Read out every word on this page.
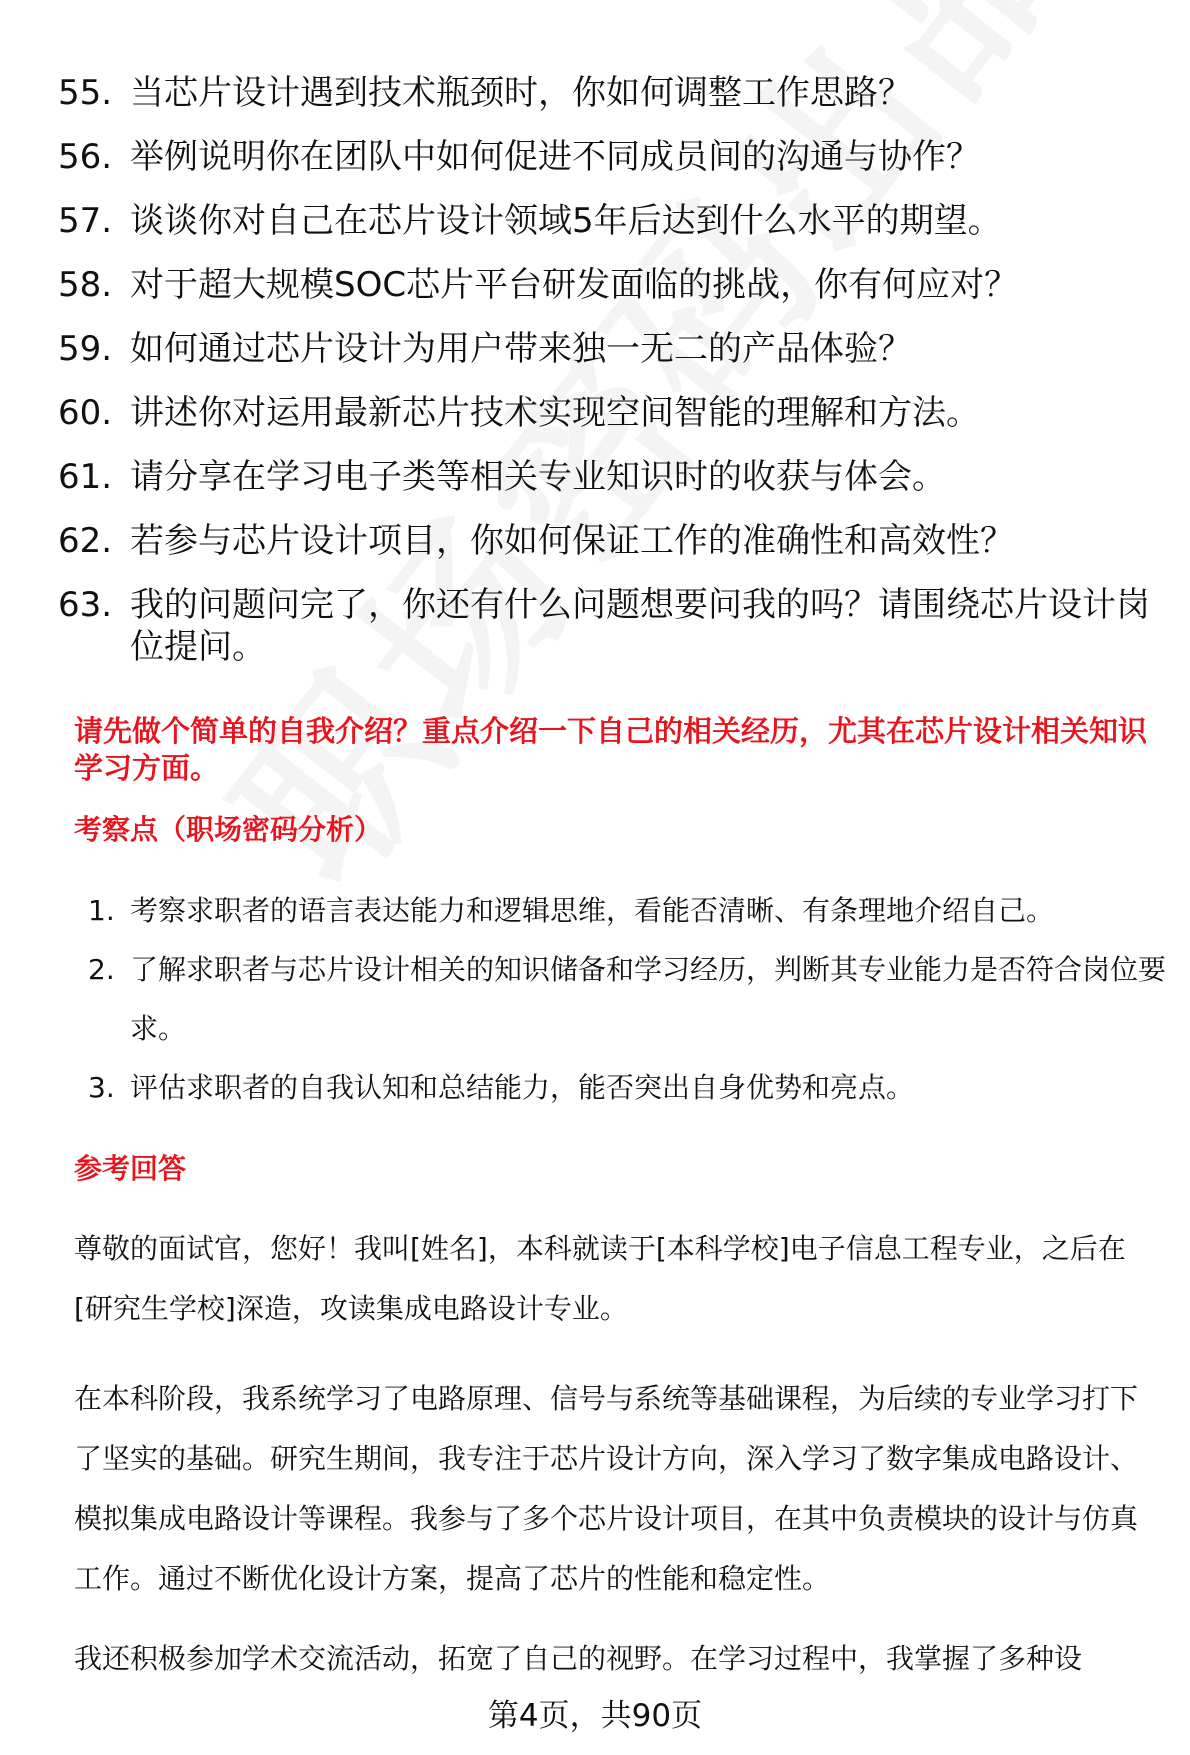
55. 当芯片设计遇到技术瓶颈时，你如何调整工作思路？
56. 举例说明你在团队中如何促进不同成员间的沟通与协作？
57. 谈谈你对自己在芯片设计领域5年后达到什么水平的期望。
58. 对于超大规模SOC芯片平台研发面临的挑战，你有何应对？
59. 如何通过芯片设计为用户带来独一无二的产品体验？
60. 讲述你对运用最新芯片技术实现空间智能的理解和方法。
61. 请分享在学习电子类等相关专业知识时的收获与体会。
62. 若参与芯片设计项目，你如何保证工作的准确性和高效性？
63. 我的问题问完了，你还有什么问题想要问我的吗？请围绕芯片设计岗位提问。
请先做个简单的自我介绍？重点介绍一下自己的相关经历，尤其在芯片设计相关知识学习方面。
考察点（职场密码分析）
1. 考察求职者的语言表达能力和逻辑思维，看能否清晰、有条理地介绍自己。
2. 了解求职者与芯片设计相关的知识储备和学习经历，判断其专业能力是否符合岗位要求。
3. 评估求职者的自我认知和总结能力，能否突出自身优势和亮点。
参考回答

尊敬的面试官，您好！我叫[姓名]，本科就读于[本科学校]电子信息工程专业，之后在[研究生学校]深造，攻读集成电路设计专业。

在本科阶段，我系统学习了电路原理、信号与系统等基础课程，为后续的专业学习打下了坚实的基础。研究生期间，我专注于芯片设计方向，深入学习了数字集成电路设计、模拟集成电路设计等课程。我参与了多个芯片设计项目，在其中负责模块的设计与仿真工作。通过不断优化设计方案，提高了芯片的性能和稳定性。

我还积极参加学术交流活动，拓宽了自己的视野。在学习过程中，我掌握了多种设

第4页，共90页
